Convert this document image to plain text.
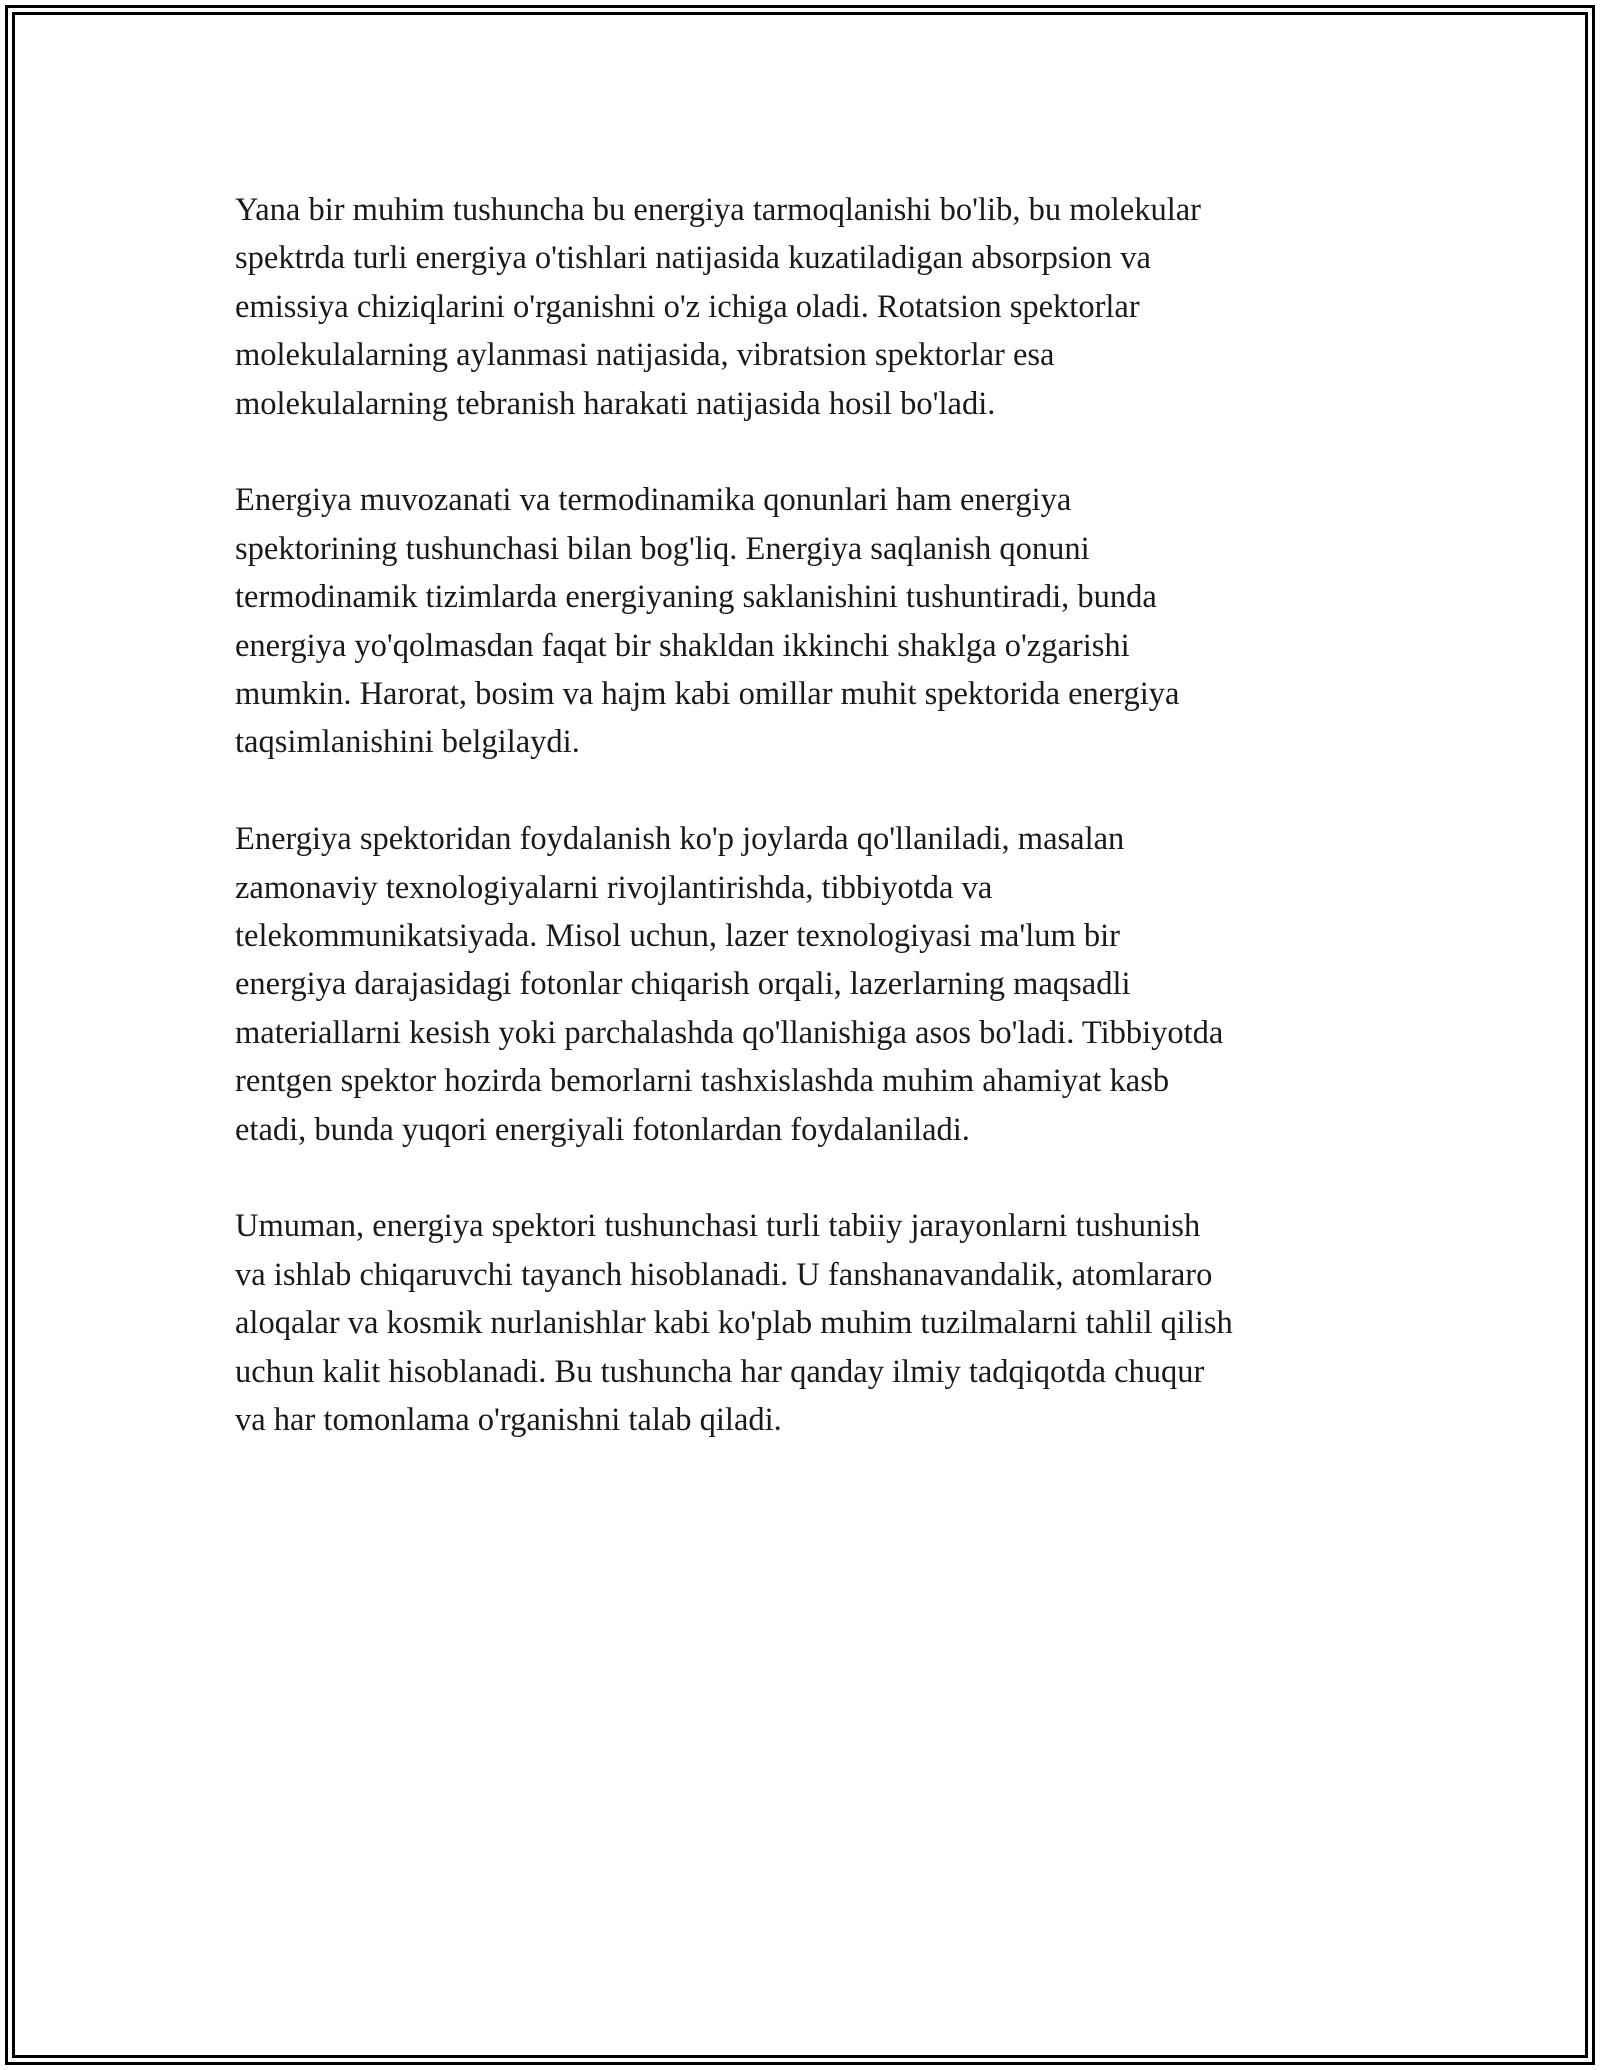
Yana bir muhim tushuncha bu energiya tarmoqlanishi bo'lib, bu molekular
spektrda turli energiya o'tishlari natijasida kuzatiladigan absorpsion va
emissiya chiziqlarini o'rganishni o'z ichiga oladi. Rotatsion spektorlar
molekulalarning aylanmasi natijasida, vibratsion spektorlar esa
molekulalarning tebranish harakati natijasida hosil bo'ladi.

Energiya muvozanati va termodinamika qonunlari ham energiya
spektorining tushunchasi bilan bog'liq. Energiya saqlanish qonuni
termodinamik tizimlarda energiyaning saklanishini tushuntiradi, bunda
energiya yo'qolmasdan faqat bir shakldan ikkinchi shaklga o'zgarishi
mumkin. Harorat, bosim va hajm kabi omillar muhit spektorida energiya
taqsimlanishini belgilaydi.

Energiya spektoridan foydalanish ko'p joylarda qo'llaniladi, masalan
zamonaviy texnologiyalarni rivojlantirishda, tibbiyotda va
telekommunikatsiyada. Misol uchun, lazer texnologiyasi ma'lum bir
energiya darajasidagi fotonlar chiqarish orqali, lazerlarning maqsadli
materiallarni kesish yoki parchalashda qo'llanishiga asos bo'ladi. Tibbiyotda
rentgen spektor hozirda bemorlarni tashxislashda muhim ahamiyat kasb
etadi, bunda yuqori energiyali fotonlardan foydalaniladi.

Umuman, energiya spektori tushunchasi turli tabiiy jarayonlarni tushunish
va ishlab chiqaruvchi tayanch hisoblanadi. U fanshanavandalik, atomlararo
aloqalar va kosmik nurlanishlar kabi ko'plab muhim tuzilmalarni tahlil qilish
uchun kalit hisoblanadi. Bu tushuncha har qanday ilmiy tadqiqotda chuqur
va har tomonlama o'rganishni talab qiladi.
